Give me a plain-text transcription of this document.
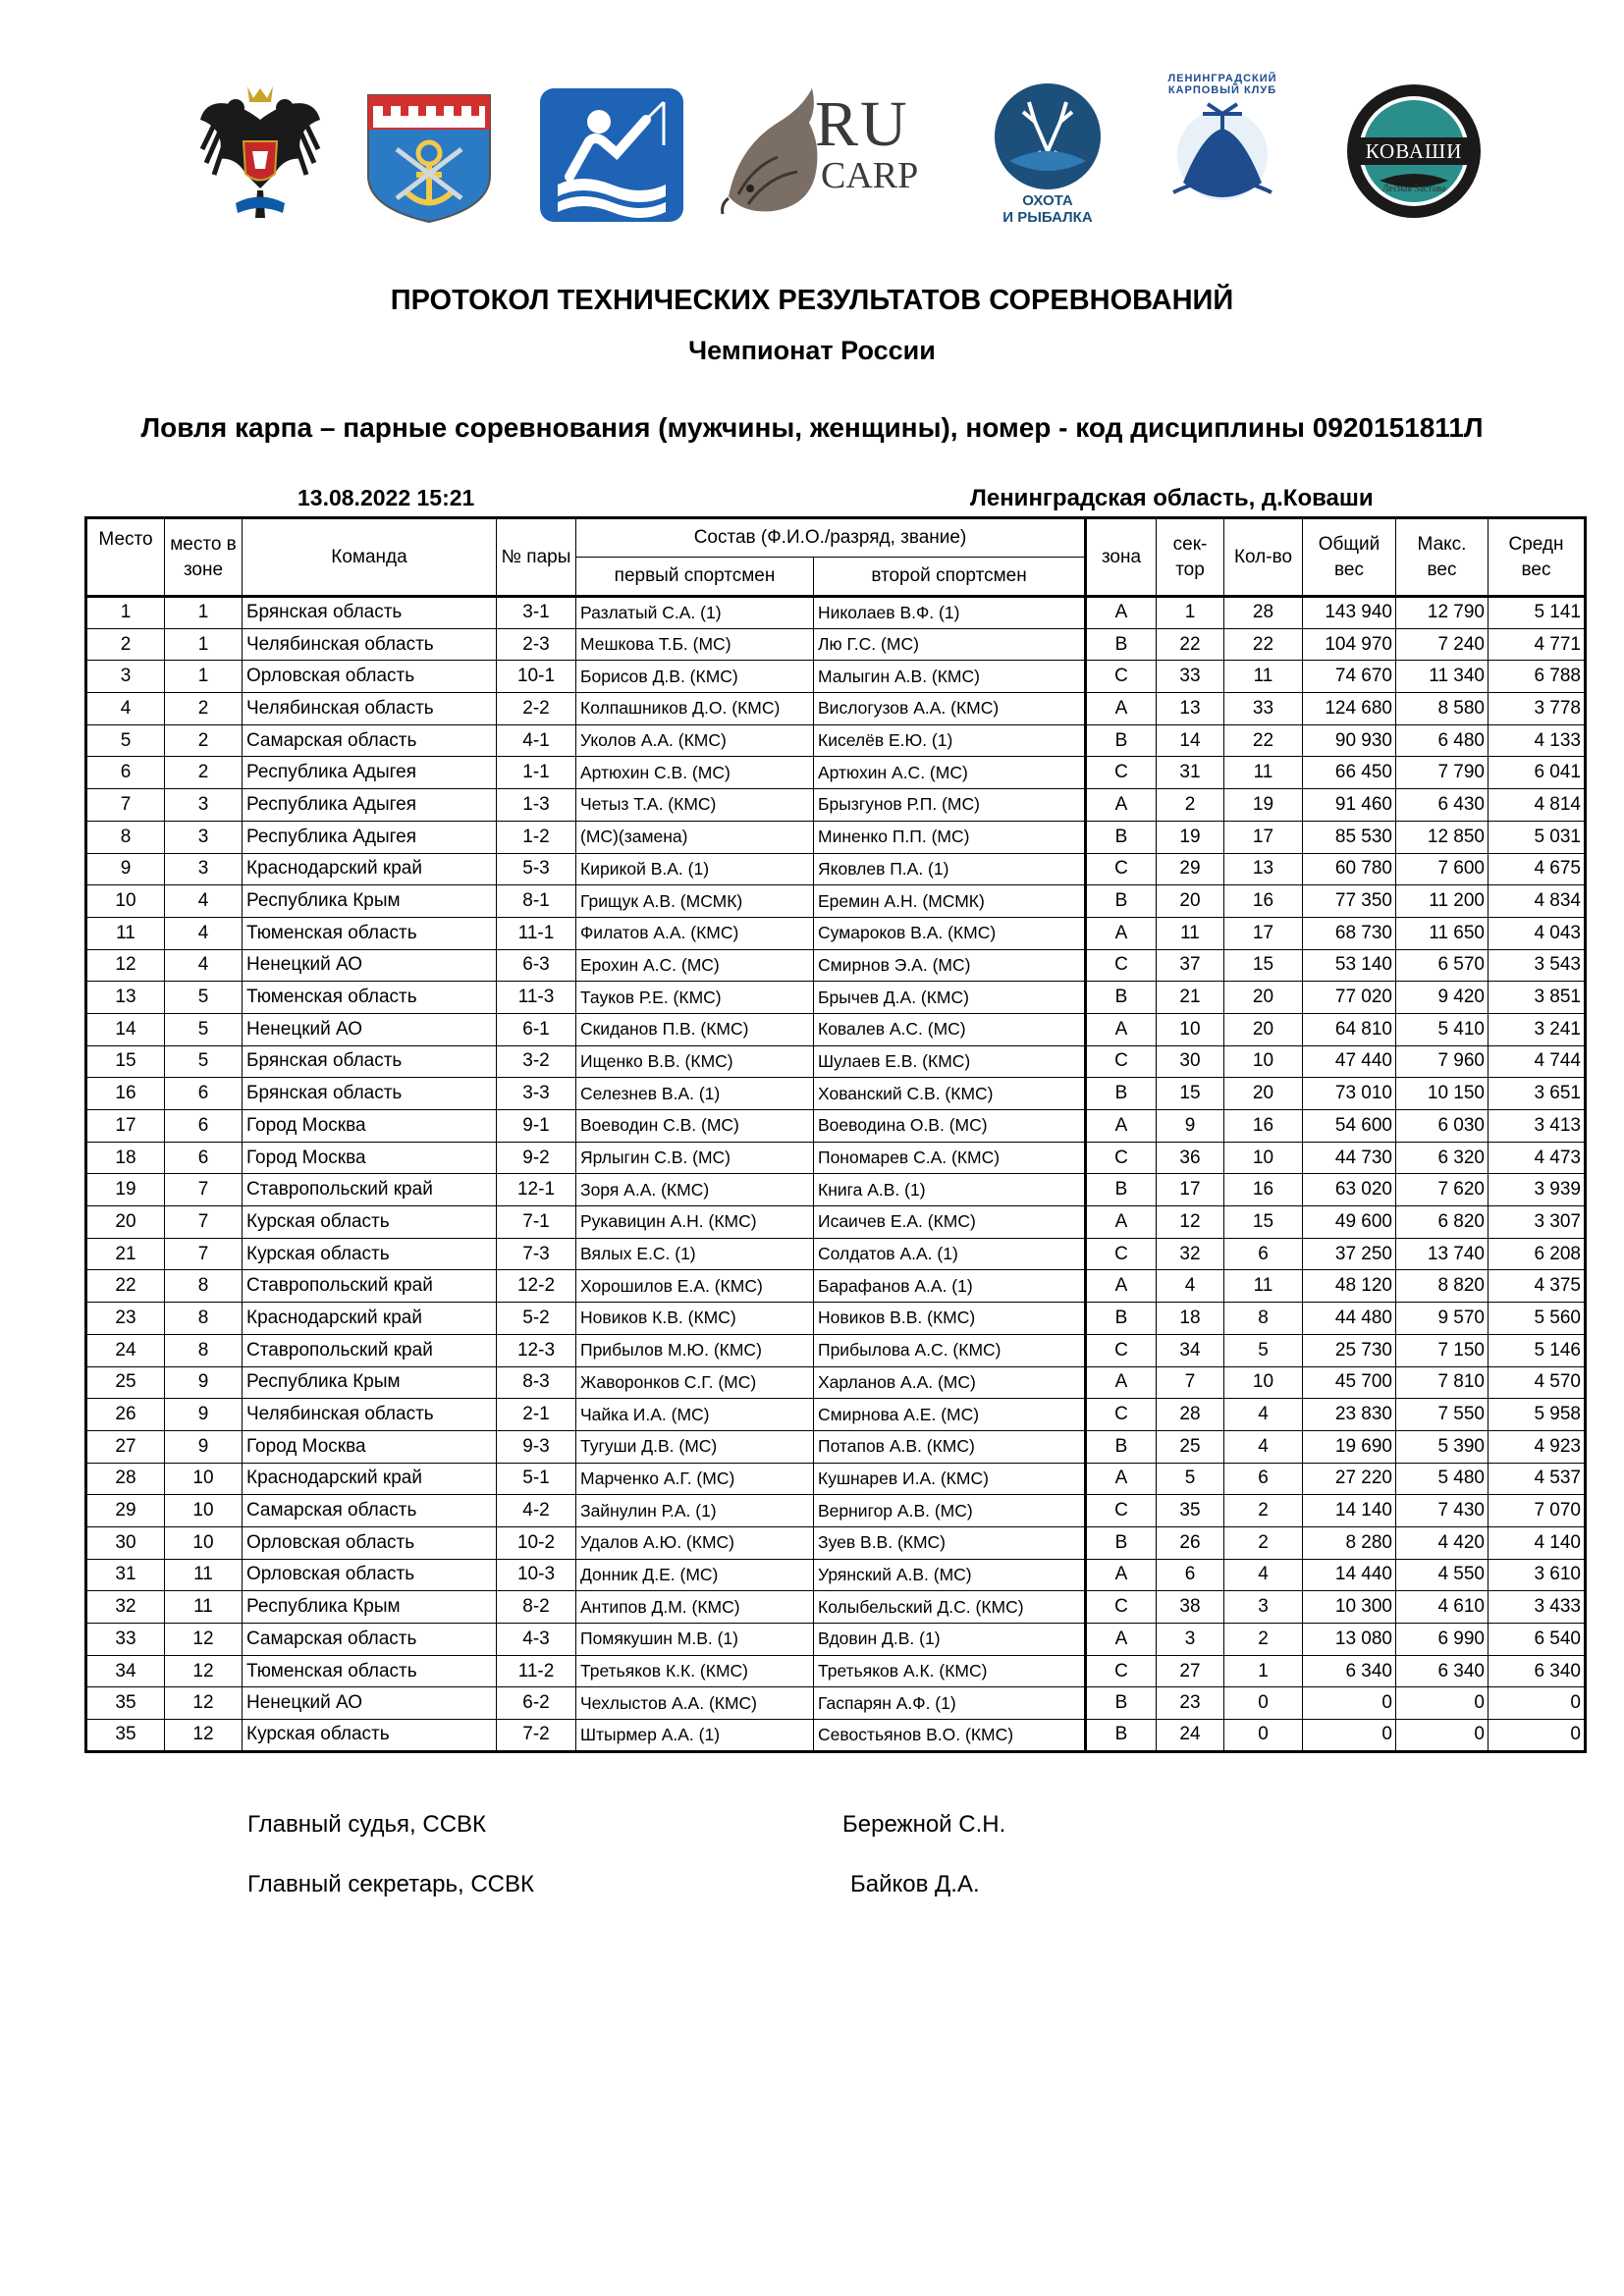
RU
CARP
ОХОТА
И РЫБАЛКА
ЛЕНИНГРАДСКИЙ КАРПОВЫЙ КЛУБ
КОВАШИ
Лесная Застава
ПРОТОКОЛ ТЕХНИЧЕСКИХ РЕЗУЛЬТАТОВ СОРЕВНОВАНИЙ
Чемпионат России
Ловля карпа – парные соревнования (мужчины, женщины), номер - код дисциплины 0920151811Л
13.08.2022 15:21	Ленинградская область, д.Коваши
Место	место в зоне	Команда	№ пары	Состав (Ф.И.О./разряд, звание)		зона	сек-тор	Кол-во	Общий вес	Макс. вес	Средн вес
				первый спортсмен	второй спортсмен						
1	1	Брянская область	3-1	Разлатый С.А. (1)	Николаев В.Ф. (1)	A	1	28	143 940	12 790	5 141
2	1	Челябинская область	2-3	Мешкова Т.Б. (МС)	Лю Г.С. (МС)	B	22	22	104 970	7 240	4 771
3	1	Орловская область	10-1	Борисов Д.В. (КМС)	Малыгин А.В. (КМС)	C	33	11	74 670	11 340	6 788
4	2	Челябинская область	2-2	Колпашников Д.О. (КМС)	Вислогузов А.А. (КМС)	A	13	33	124 680	8 580	3 778
5	2	Самарская область	4-1	Уколов А.А. (КМС)	Киселёв Е.Ю. (1)	B	14	22	90 930	6 480	4 133
6	2	Республика Адыгея	1-1	Артюхин С.В. (МС)	Артюхин А.С. (МС)	C	31	11	66 450	7 790	6 041
7	3	Республика Адыгея	1-3	Четыз Т.А. (КМС)	Брызгунов Р.П. (МС)	A	2	19	91 460	6 430	4 814
8	3	Республика Адыгея	1-2	(МС)(замена)	Миненко П.П. (МС)	B	19	17	85 530	12 850	5 031
9	3	Краснодарский край	5-3	Кирикой В.А. (1)	Яковлев П.А. (1)	C	29	13	60 780	7 600	4 675
10	4	Республика Крым	8-1	Грищук А.В. (МСМК)	Еремин А.Н. (МСМК)	B	20	16	77 350	11 200	4 834
11	4	Тюменская область	11-1	Филатов А.А. (КМС)	Сумароков В.А. (КМС)	A	11	17	68 730	11 650	4 043
12	4	Ненецкий АО	6-3	Ерохин А.С. (МС)	Смирнов Э.А. (МС)	C	37	15	53 140	6 570	3 543
13	5	Тюменская область	11-3	Тауков Р.Е. (КМС)	Брычев Д.А. (КМС)	B	21	20	77 020	9 420	3 851
14	5	Ненецкий АО	6-1	Скиданов П.В. (КМС)	Ковалев А.С. (МС)	A	10	20	64 810	5 410	3 241
15	5	Брянская область	3-2	Ищенко В.В. (КМС)	Шулаев Е.В. (КМС)	C	30	10	47 440	7 960	4 744
16	6	Брянская область	3-3	Селезнев В.А. (1)	Хованский С.В. (КМС)	B	15	20	73 010	10 150	3 651
17	6	Город Москва	9-1	Воеводин С.В. (МС)	Воеводина О.В. (МС)	A	9	16	54 600	6 030	3 413
18	6	Город Москва	9-2	Ярлыгин С.В. (МС)	Пономарев С.А. (КМС)	C	36	10	44 730	6 320	4 473
19	7	Ставропольский край	12-1	Зоря А.А. (КМС)	Книга А.В. (1)	B	17	16	63 020	7 620	3 939
20	7	Курская область	7-1	Рукавицин А.Н. (КМС)	Исаичев Е.А. (КМС)	A	12	15	49 600	6 820	3 307
21	7	Курская область	7-3	Вялых Е.С. (1)	Солдатов А.А. (1)	C	32	6	37 250	13 740	6 208
22	8	Ставропольский край	12-2	Хорошилов Е.А. (КМС)	Барафанов А.А. (1)	A	4	11	48 120	8 820	4 375
23	8	Краснодарский край	5-2	Новиков К.В. (КМС)	Новиков В.В. (КМС)	B	18	8	44 480	9 570	5 560
24	8	Ставропольский край	12-3	Прибылов М.Ю. (КМС)	Прибылова А.С. (КМС)	C	34	5	25 730	7 150	5 146
25	9	Республика Крым	8-3	Жаворонков С.Г. (МС)	Харланов А.А. (МС)	A	7	10	45 700	7 810	4 570
26	9	Челябинская область	2-1	Чайка И.А. (МС)	Смирнова А.Е. (МС)	C	28	4	23 830	7 550	5 958
27	9	Город Москва	9-3	Тугуши Д.В. (МС)	Потапов А.В. (КМС)	B	25	4	19 690	5 390	4 923
28	10	Краснодарский край	5-1	Марченко А.Г. (МС)	Кушнарев И.А. (КМС)	A	5	6	27 220	5 480	4 537
29	10	Самарская область	4-2	Зайнулин Р.А. (1)	Вернигор А.В. (МС)	C	35	2	14 140	7 430	7 070
30	10	Орловская область	10-2	Удалов А.Ю. (КМС)	Зуев В.В. (КМС)	B	26	2	8 280	4 420	4 140
31	11	Орловская область	10-3	Донник Д.Е. (МС)	Урянский А.В. (МС)	A	6	4	14 440	4 550	3 610
32	11	Республика Крым	8-2	Антипов Д.М. (КМС)	Колыбельский Д.С. (КМС)	C	38	3	10 300	4 610	3 433
33	12	Самарская область	4-3	Помякушин М.В. (1)	Вдовин Д.В. (1)	A	3	2	13 080	6 990	6 540
34	12	Тюменская область	11-2	Третьяков К.К. (КМС)	Третьяков А.К. (КМС)	C	27	1	6 340	6 340	6 340
35	12	Ненецкий АО	6-2	Чехлыстов А.А. (КМС)	Гаспарян А.Ф. (1)	B	23	0	0	0	0
35	12	Курская область	7-2	Штырмер А.А. (1)	Севостьянов В.О. (КМС)	B	24	0	0	0	0
Главный судья, ССВК	Бережной С.Н.
Главный секретарь, ССВК	Байков Д.А.
